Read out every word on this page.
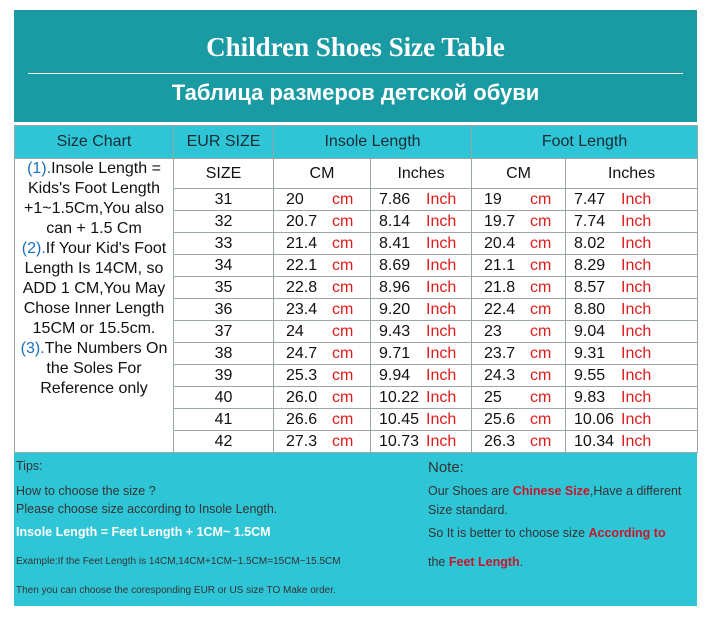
Children Shoes Size Table
Таблица размеров детской обуви
Size Chart	EUR SIZE	Insole Length		Foot Length	
(1).Insole Length = Kids's Foot Length +1~1.5Cm,You also can + 1.5 Cm
(2).If Your Kid's Foot Length Is 14CM, so ADD 1 CM,You May Chose Inner Length 15CM or 15.5cm.
(3).The Numbers On the Soles For Reference only	SIZE	CM	Inches	CM	Inches
	31	20 cm	7.86 Inch	19 cm	7.47 Inch

	32	20.7 cm	8.14 Inch	19.7 cm	7.74 Inch

	33	21.4 cm	8.41 Inch	20.4 cm	8.02 Inch

	34	22.1 cm	8.69 Inch	21.1 cm	8.29 Inch

	35	22.8 cm	8.96 Inch	21.8 cm	8.57 Inch

	36	23.4 cm	9.20 Inch	22.4 cm	8.80 Inch

	37	24 cm	9.43 Inch	23 cm	9.04 Inch

	38	24.7 cm	9.71 Inch	23.7 cm	9.31 Inch

	39	25.3 cm	9.94 Inch	24.3 cm	9.55 Inch

	40	26.0 cm	10.22 Inch	25 cm	9.83 Inch

	41	26.6 cm	10.45 Inch	25.6 cm	10.06 Inch

	42	27.3 cm	10.73 Inch	26.3 cm	10.34 Inch
Tips:
How to choose the size ?
Please choose size according to Insole Length.
Insole Length = Feet Length + 1CM~ 1.5CM
Example:If the Feet Length is 14CM,14CM+1CM~1.5CM=15CM~15.5CM
Then you can choose the coresponding EUR or US size TO Make order.
Note:
Our Shoes are Chinese Size,Have a different
Size standard.
So It is better to choose size According to
the Feet Length.
